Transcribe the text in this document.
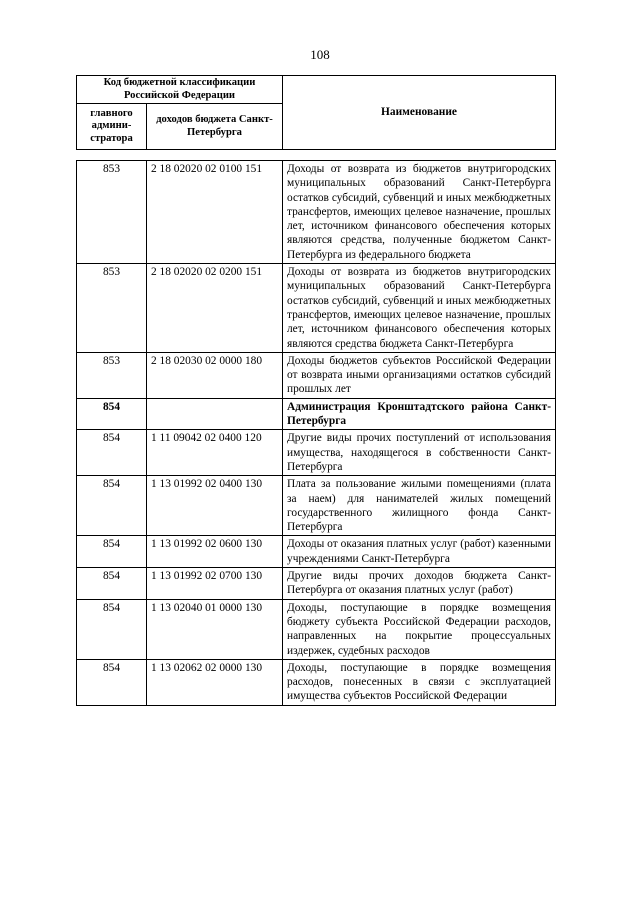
108
Код бюджетной классификации Российской Федерации		Наименование
главного админи-стратора	доходов бюджета Санкт-Петербурга	
853	2 18 02020 02 0100 151	Доходы от возврата из бюджетов внутригородских муниципальных образований Санкт-Петербурга остатков субсидий, субвенций и иных межбюджетных трансфертов, имеющих целевое назначение, прошлых лет, источником финансового обеспечения которых являются средства, полученные бюджетом Санкт-Петербурга из федерального бюджета
853	2 18 02020 02 0200 151	Доходы от возврата из бюджетов внутригородских муниципальных образований Санкт-Петербурга остатков субсидий, субвенций и иных межбюджетных трансфертов, имеющих целевое назначение, прошлых лет, источником финансового обеспечения которых являются средства бюджета Санкт-Петербурга
853	2 18 02030 02 0000 180	Доходы бюджетов субъектов Российской Федерации от возврата иными организациями остатков субсидий прошлых лет
854		Администрация Кронштадтского района Санкт-Петербурга
854	1 11 09042 02 0400 120	Другие виды прочих поступлений от использования имущества, находящегося в собственности Санкт-Петербурга
854	1 13 01992 02 0400 130	Плата за пользование жилыми помещениями (плата за наем) для нанимателей жилых помещений государственного жилищного фонда Санкт-Петербурга
854	1 13 01992 02 0600 130	Доходы от оказания платных услуг (работ) казенными учреждениями Санкт-Петербурга
854	1 13 01992 02 0700 130	Другие виды прочих доходов бюджета Санкт-Петербурга от оказания платных услуг (работ)
854	1 13 02040 01 0000 130	Доходы, поступающие в порядке возмещения бюджету субъекта Российской Федерации расходов, направленных на покрытие процессуальных издержек, судебных расходов
854	1 13 02062 02 0000 130	Доходы, поступающие в порядке возмещения расходов, понесенных в связи с эксплуатацией имущества субъектов Российской Федерации
